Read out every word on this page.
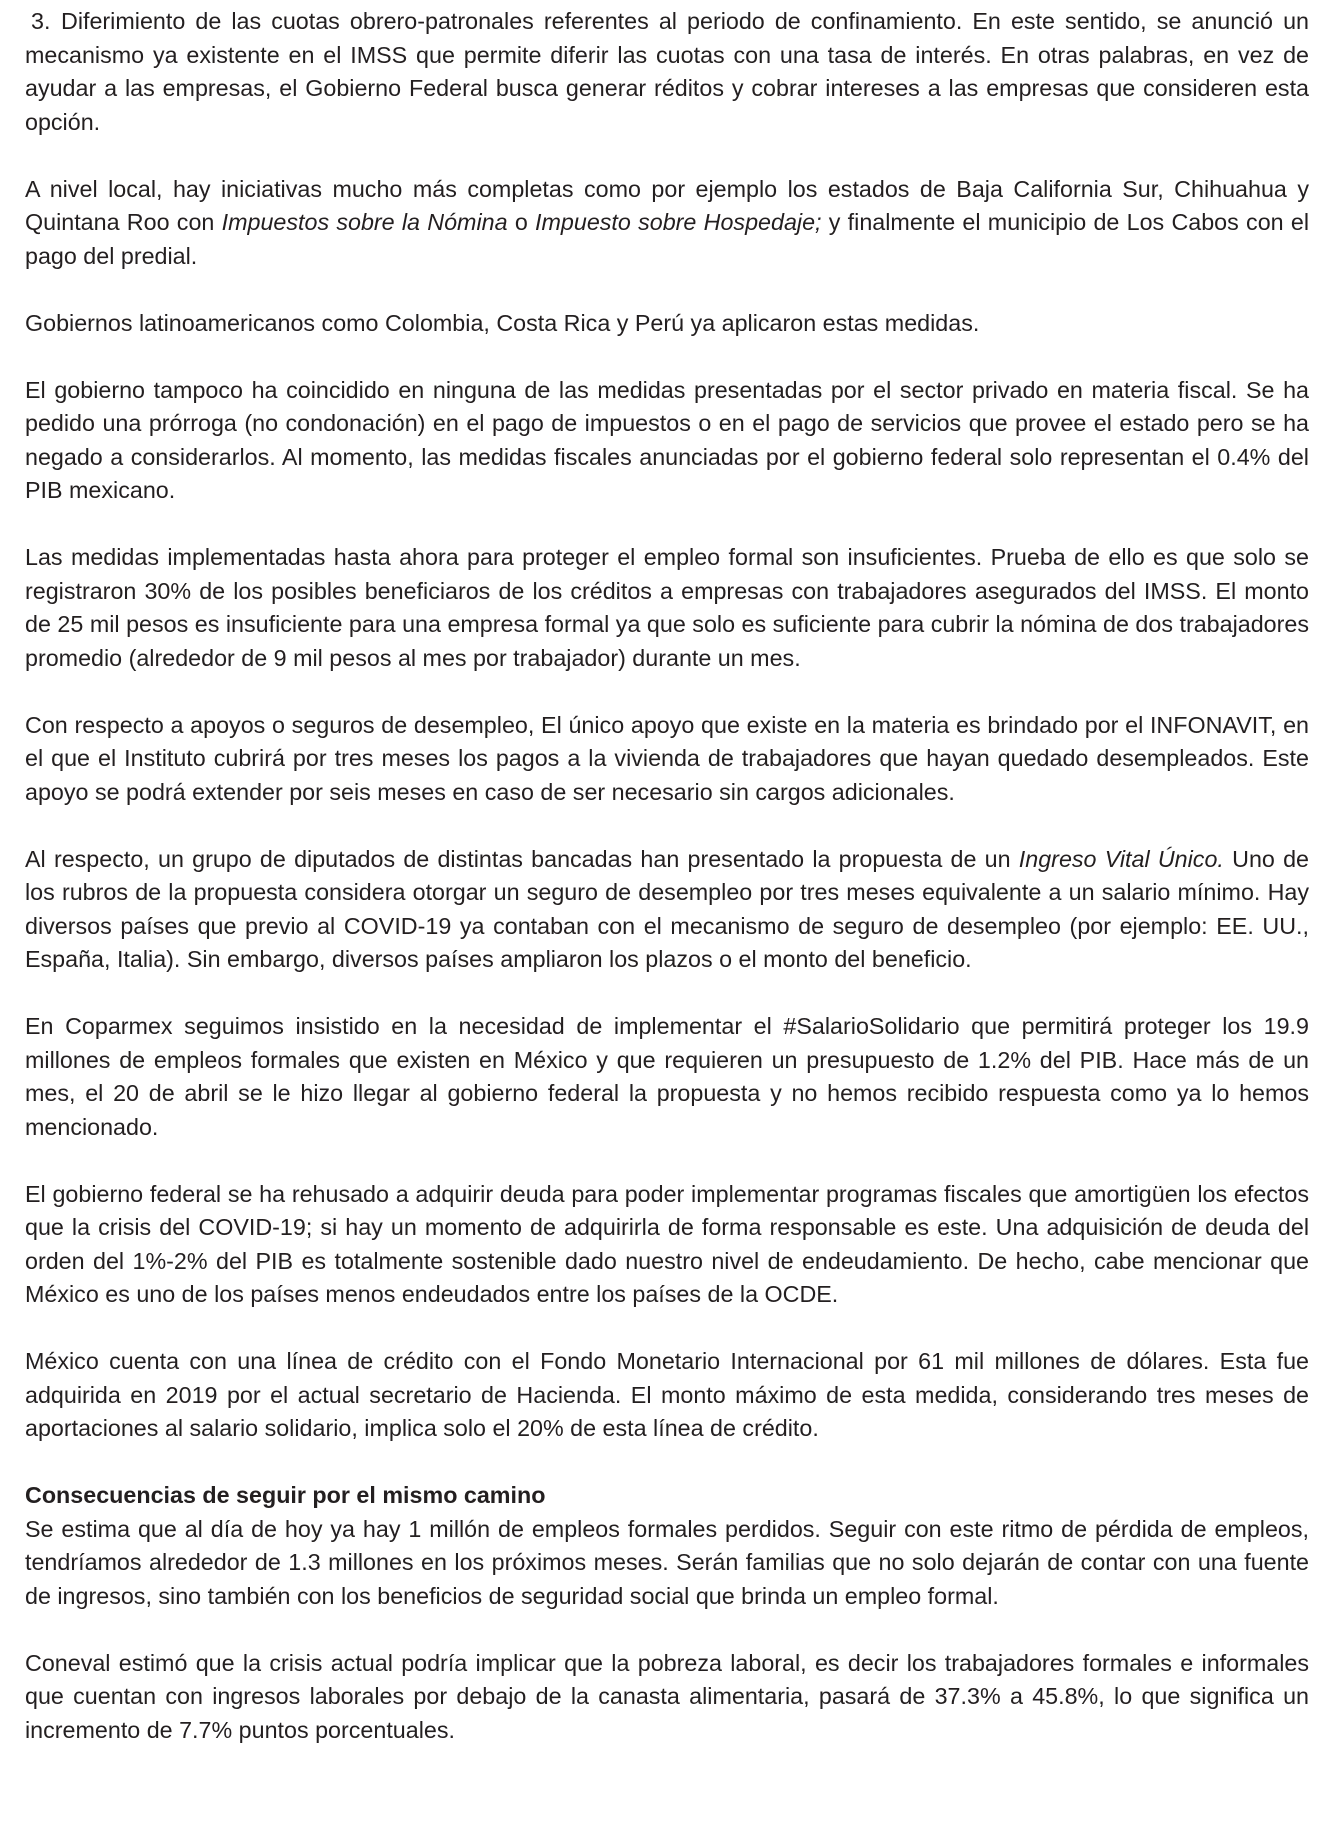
3. Diferimiento de las cuotas obrero-patronales referentes al periodo de confinamiento. En este sentido, se anunció un mecanismo ya existente en el IMSS que permite diferir las cuotas con una tasa de interés. En otras palabras, en vez de ayudar a las empresas, el Gobierno Federal busca generar réditos y cobrar intereses a las empresas que consideren esta opción.

A nivel local, hay iniciativas mucho más completas como por ejemplo los estados de Baja California Sur, Chihuahua y Quintana Roo con Impuestos sobre la Nómina o Impuesto sobre Hospedaje; y finalmente el municipio de Los Cabos con el pago del predial.

Gobiernos latinoamericanos como Colombia, Costa Rica y Perú ya aplicaron estas medidas.

El gobierno tampoco ha coincidido en ninguna de las medidas presentadas por el sector privado en materia fiscal. Se ha pedido una prórroga (no condonación) en el pago de impuestos o en el pago de servicios que provee el estado pero se ha negado a considerarlos. Al momento, las medidas fiscales anunciadas por el gobierno federal solo representan el 0.4% del PIB mexicano.

Las medidas implementadas hasta ahora para proteger el empleo formal son insuficientes. Prueba de ello es que solo se registraron 30% de los posibles beneficiaros de los créditos a empresas con trabajadores asegurados del IMSS. El monto de 25 mil pesos es insuficiente para una empresa formal ya que solo es suficiente para cubrir la nómina de dos trabajadores promedio (alrededor de 9 mil pesos al mes por trabajador) durante un mes.

Con respecto a apoyos o seguros de desempleo, El único apoyo que existe en la materia es brindado por el INFONAVIT, en el que el Instituto cubrirá por tres meses los pagos a la vivienda de trabajadores que hayan quedado desempleados. Este apoyo se podrá extender por seis meses en caso de ser necesario sin cargos adicionales.

Al respecto, un grupo de diputados de distintas bancadas han presentado la propuesta de un Ingreso Vital Único. Uno de los rubros de la propuesta considera otorgar un seguro de desempleo por tres meses equivalente a un salario mínimo. Hay diversos países que previo al COVID-19 ya contaban con el mecanismo de seguro de desempleo (por ejemplo: EE. UU., España, Italia). Sin embargo, diversos países ampliaron los plazos o el monto del beneficio.

En Coparmex seguimos insistido en la necesidad de implementar el #SalarioSolidario que permitirá proteger los 19.9 millones de empleos formales que existen en México y que requieren un presupuesto de 1.2% del PIB. Hace más de un mes, el 20 de abril se le hizo llegar al gobierno federal la propuesta y no hemos recibido respuesta como ya lo hemos mencionado.

El gobierno federal se ha rehusado a adquirir deuda para poder implementar programas fiscales que amortigüen los efectos que la crisis del COVID-19; si hay un momento de adquirirla de forma responsable es este. Una adquisición de deuda del orden del 1%-2% del PIB es totalmente sostenible dado nuestro nivel de endeudamiento. De hecho, cabe mencionar que México es uno de los países menos endeudados entre los países de la OCDE.

México cuenta con una línea de crédito con el Fondo Monetario Internacional por 61 mil millones de dólares. Esta fue adquirida en 2019 por el actual secretario de Hacienda. El monto máximo de esta medida, considerando tres meses de aportaciones al salario solidario, implica solo el 20% de esta línea de crédito.

Consecuencias de seguir por el mismo camino

Se estima que al día de hoy ya hay 1 millón de empleos formales perdidos. Seguir con este ritmo de pérdida de empleos, tendríamos alrededor de 1.3 millones en los próximos meses. Serán familias que no solo dejarán de contar con una fuente de ingresos, sino también con los beneficios de seguridad social que brinda un empleo formal.

Coneval estimó que la crisis actual podría implicar que la pobreza laboral, es decir los trabajadores formales e informales que cuentan con ingresos laborales por debajo de la canasta alimentaria, pasará de 37.3% a 45.8%, lo que significa un incremento de 7.7% puntos porcentuales.
